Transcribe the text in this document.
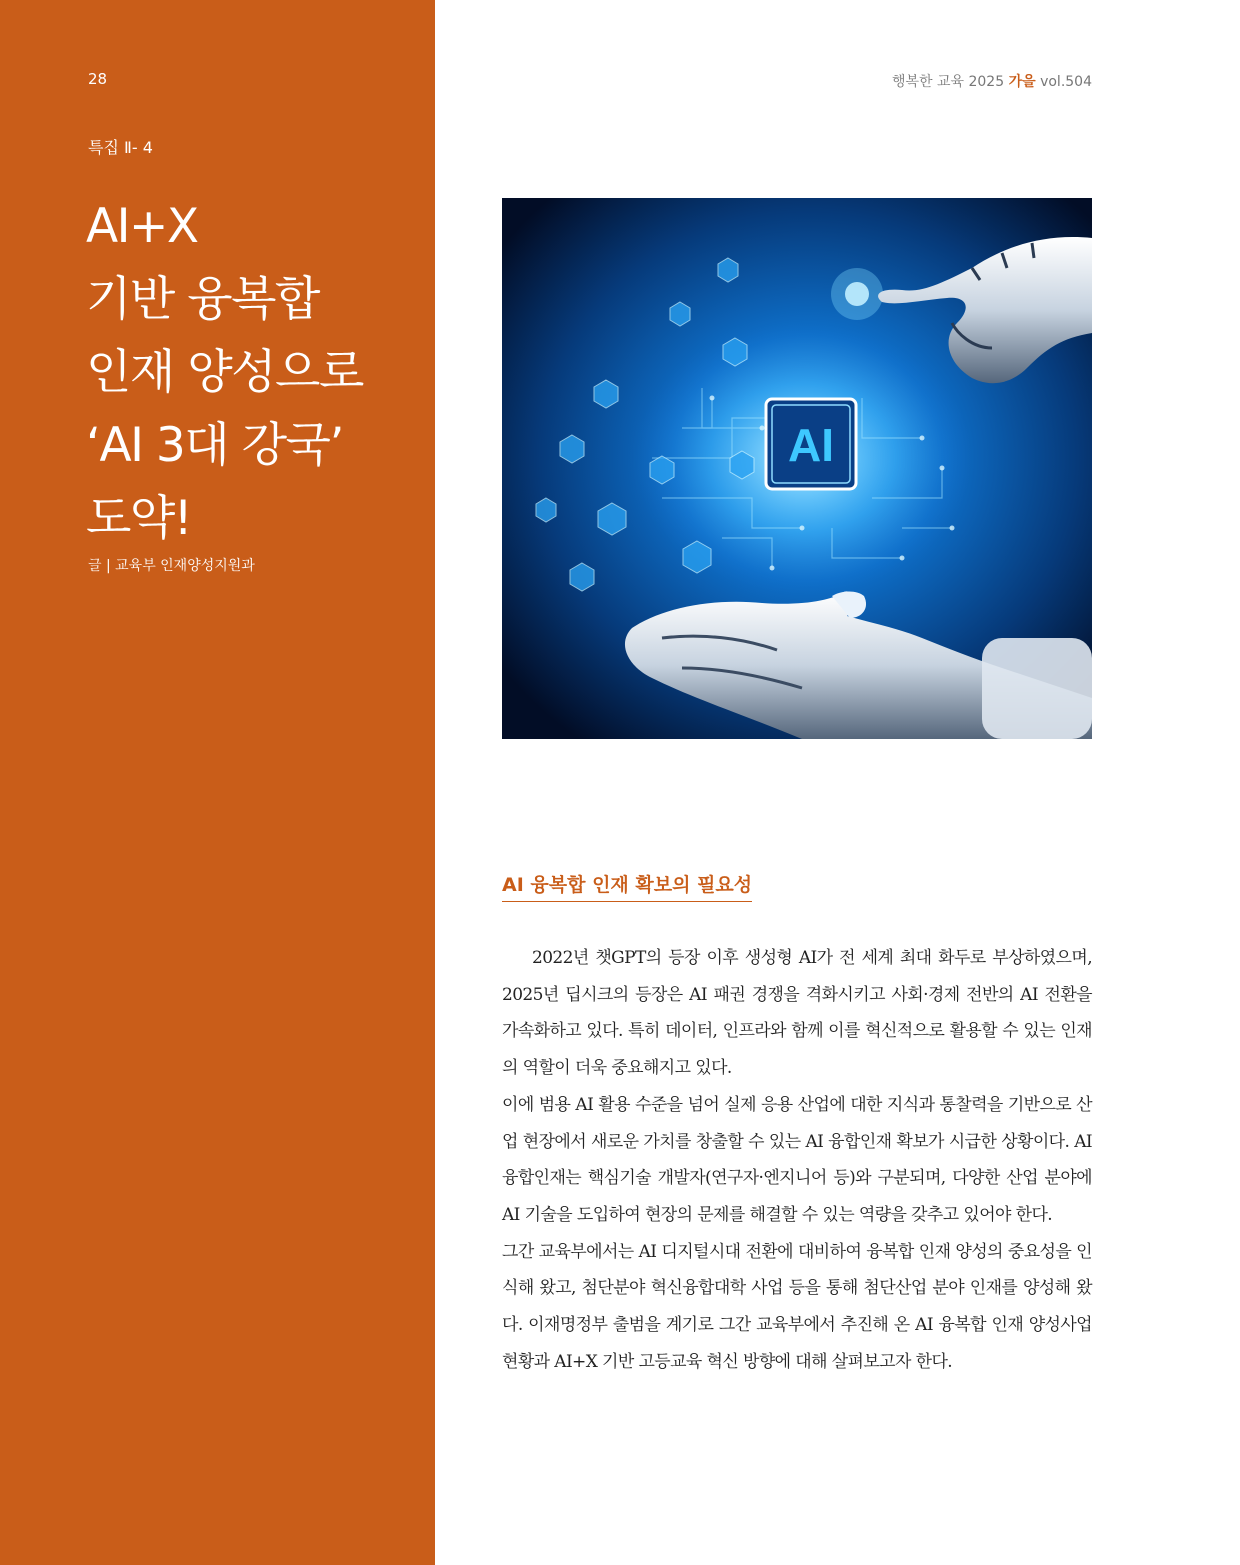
28
특집 Ⅱ- 4
AI+X
기반 융복합
인재 양성으로
‘AI 3대 강국’
도약!
글 | 교육부 인재양성지원과
행복한 교육 2025 가을 vol.504
AI
AI 융복합 인재 확보의 필요성

2022년 챗GPT의 등장 이후 생성형 AI가 전 세계 최대 화두로 부상하였으며, 2025년 딥시크의 등장은 AI 패권 경쟁을 격화시키고 사회·경제 전반의 AI 전환을 가속화하고 있다. 특히 데이터, 인프라와 함께 이를 혁신적으로 활용할 수 있는 인재의 역할이 더욱 중요해지고 있다.

이에 범용 AI 활용 수준을 넘어 실제 응용 산업에 대한 지식과 통찰력을 기반으로 산업 현장에서 새로운 가치를 창출할 수 있는 AI 융합인재 확보가 시급한 상황이다. AI 융합인재는 핵심기술 개발자(연구자·엔지니어 등)와 구분되며, 다양한 산업 분야에 AI 기술을 도입하여 현장의 문제를 해결할 수 있는 역량을 갖추고 있어야 한다.

그간 교육부에서는 AI 디지털시대 전환에 대비하여 융복합 인재 양성의 중요성을 인식해 왔고, 첨단분야 혁신융합대학 사업 등을 통해 첨단산업 분야 인재를 양성해 왔다. 이재명정부 출범을 계기로 그간 교육부에서 추진해 온 AI 융복합 인재 양성사업 현황과 AI+X 기반 고등교육 혁신 방향에 대해 살펴보고자 한다.
